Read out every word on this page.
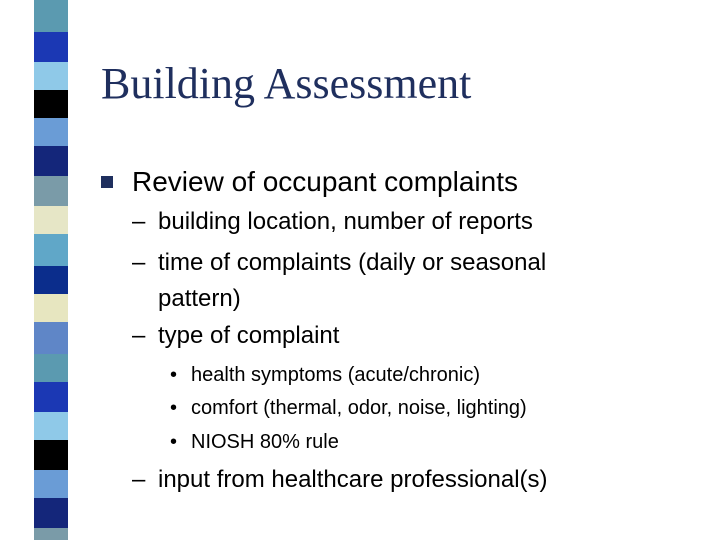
Building Assessment
Review of occupant complaints
– building location, number of reports
– time of complaints (daily or seasonal
pattern)
– type of complaint
• health symptoms (acute/chronic)
• comfort (thermal, odor, noise, lighting)
• NIOSH 80% rule
– input from healthcare professional(s)
